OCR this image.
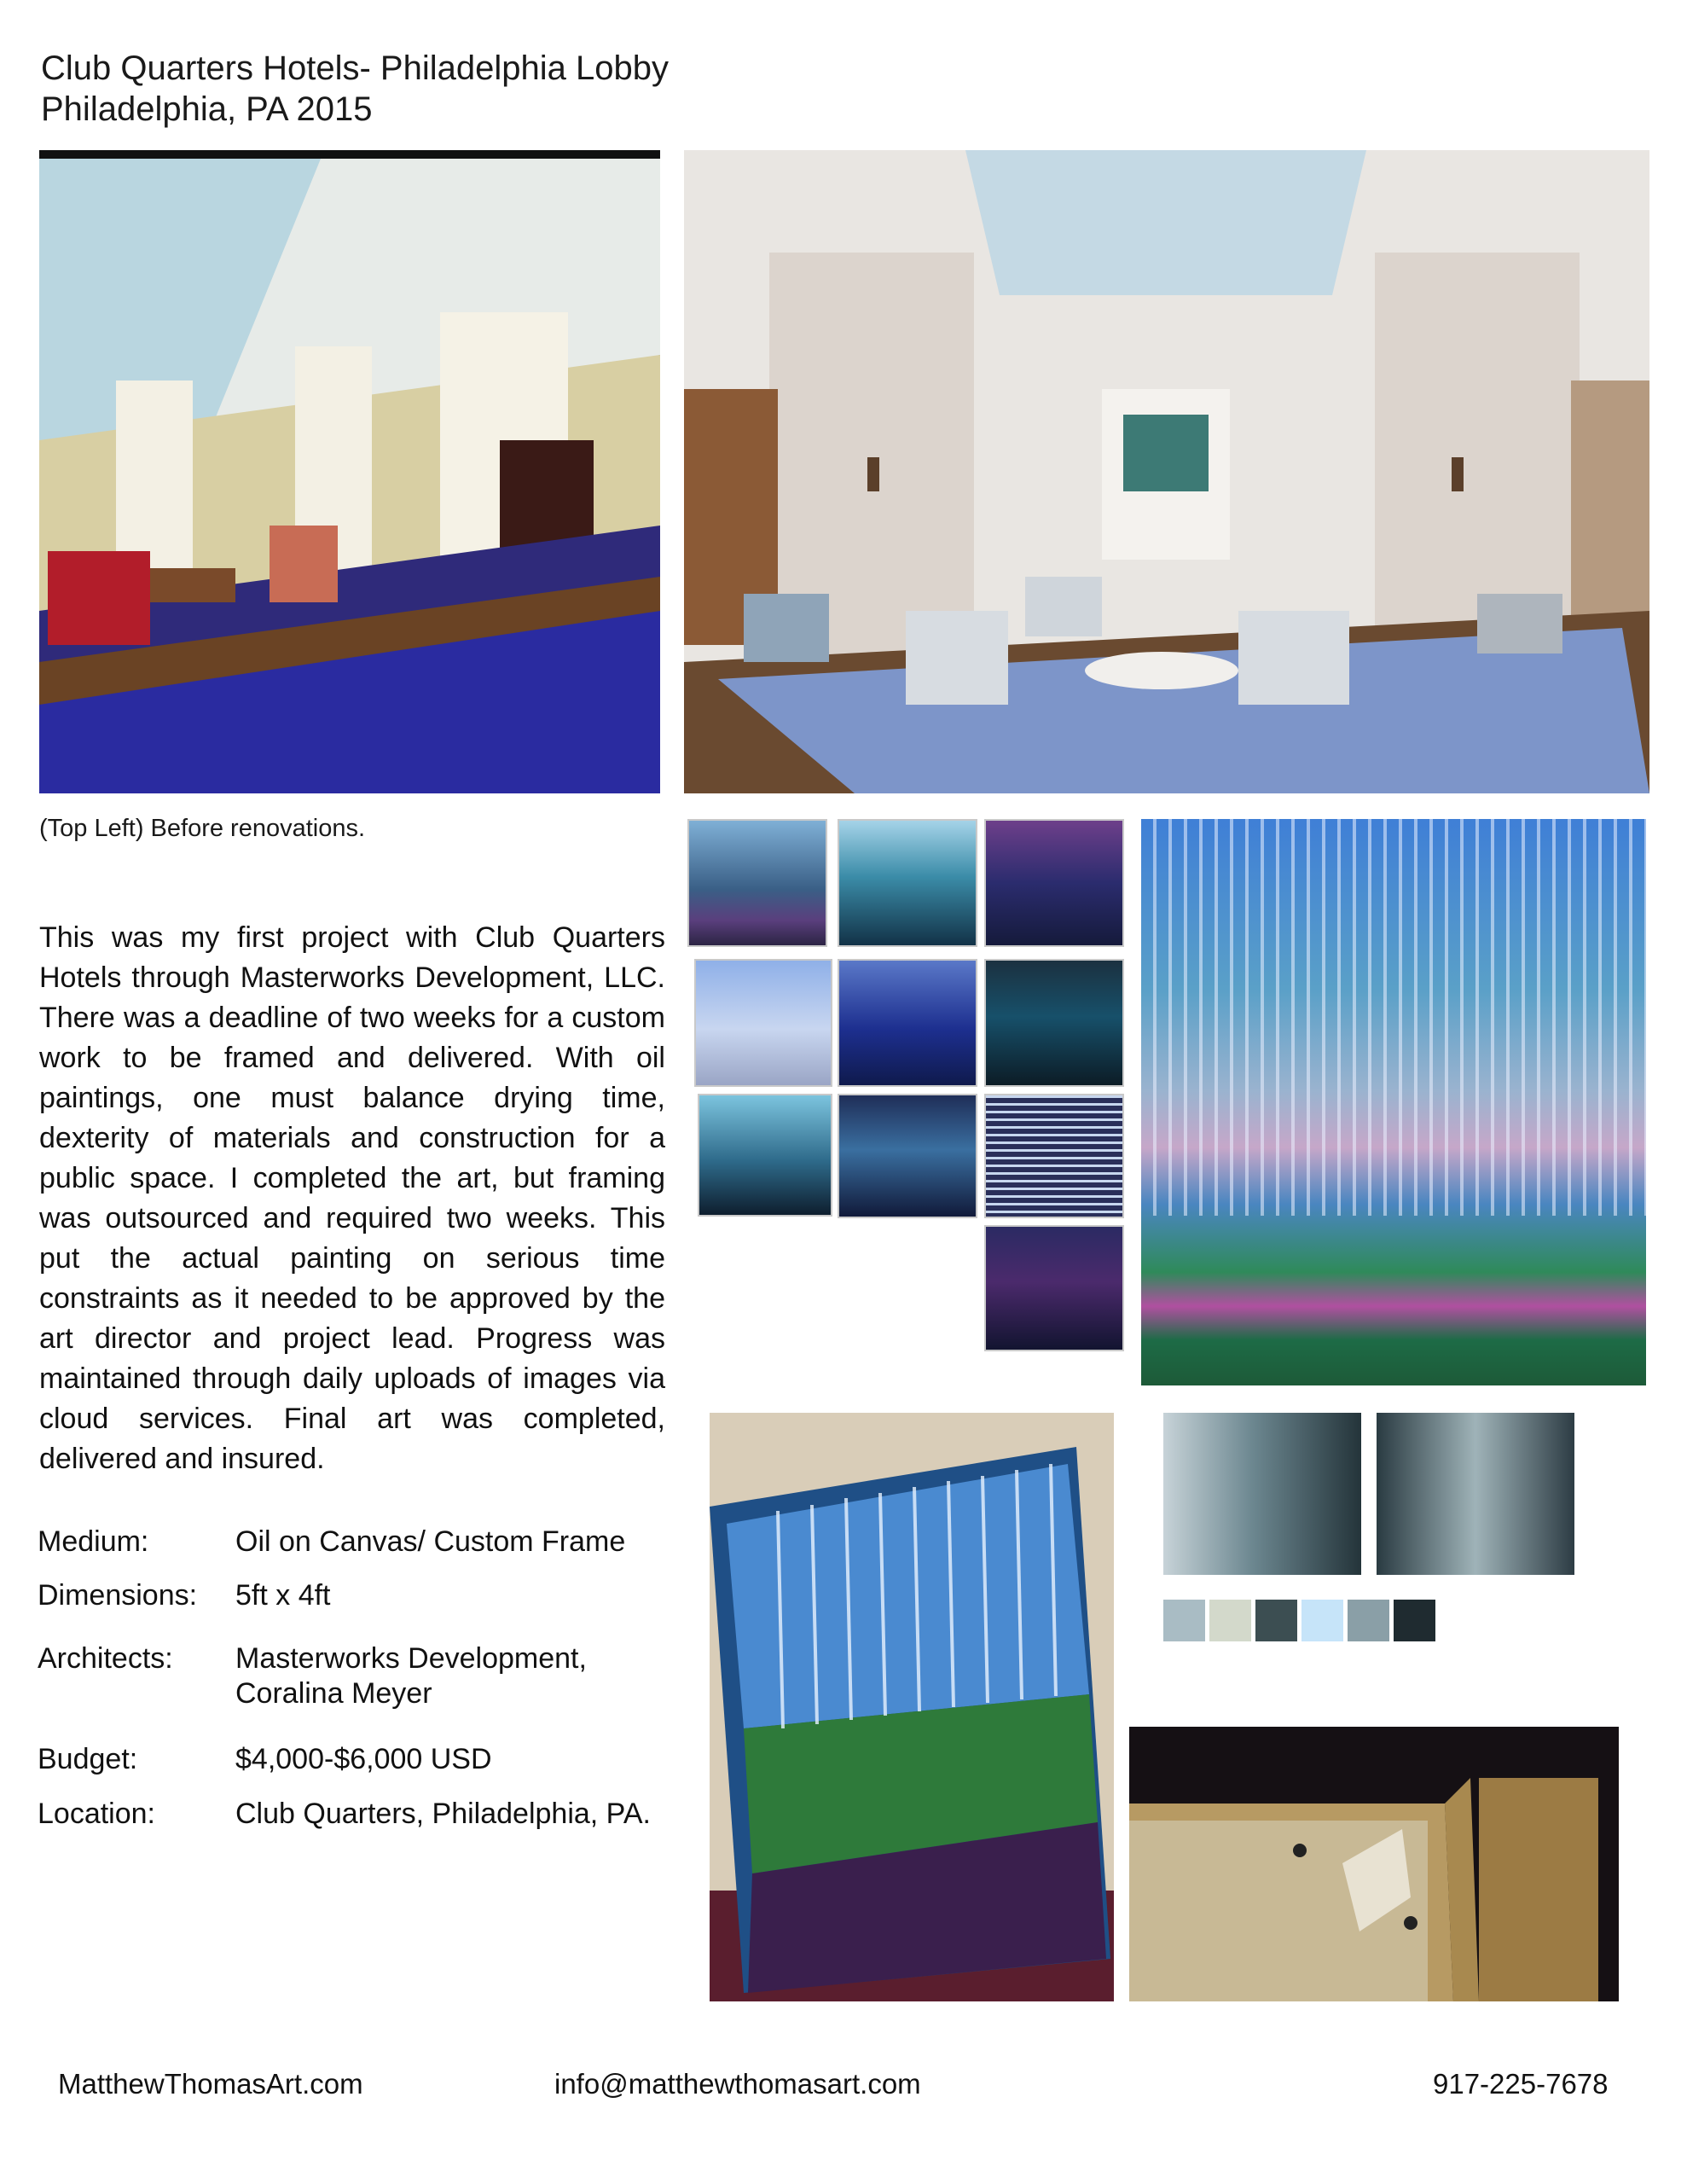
Club Quarters Hotels- Philadelphia Lobby
Philadelphia, PA 2015
(Top Left) Before renovations.
This was my first project with Club Quarters Hotels through Masterworks Development, LLC. There was a deadline of two weeks for a custom work to be framed and delivered. With oil paintings, one must balance drying time, dexterity of materials and construction for a public space. I completed the art, but framing was outsourced and required two weeks. This put the actual painting on serious time constraints as it needed to be approved by the art director and project lead. Progress was maintained through daily uploads of images via cloud services. Final art was completed, delivered and insured.
Medium:	Oil on Canvas/ Custom Frame
Dimensions:	5ft x 4ft
Architects:	Masterworks Development,
Coralina Meyer
Budget:	$4,000-$6,000 USD
Location:	Club Quarters, Philadelphia, PA.
MatthewThomasArt.com	info@matthewthomasart.com	917-225-7678
